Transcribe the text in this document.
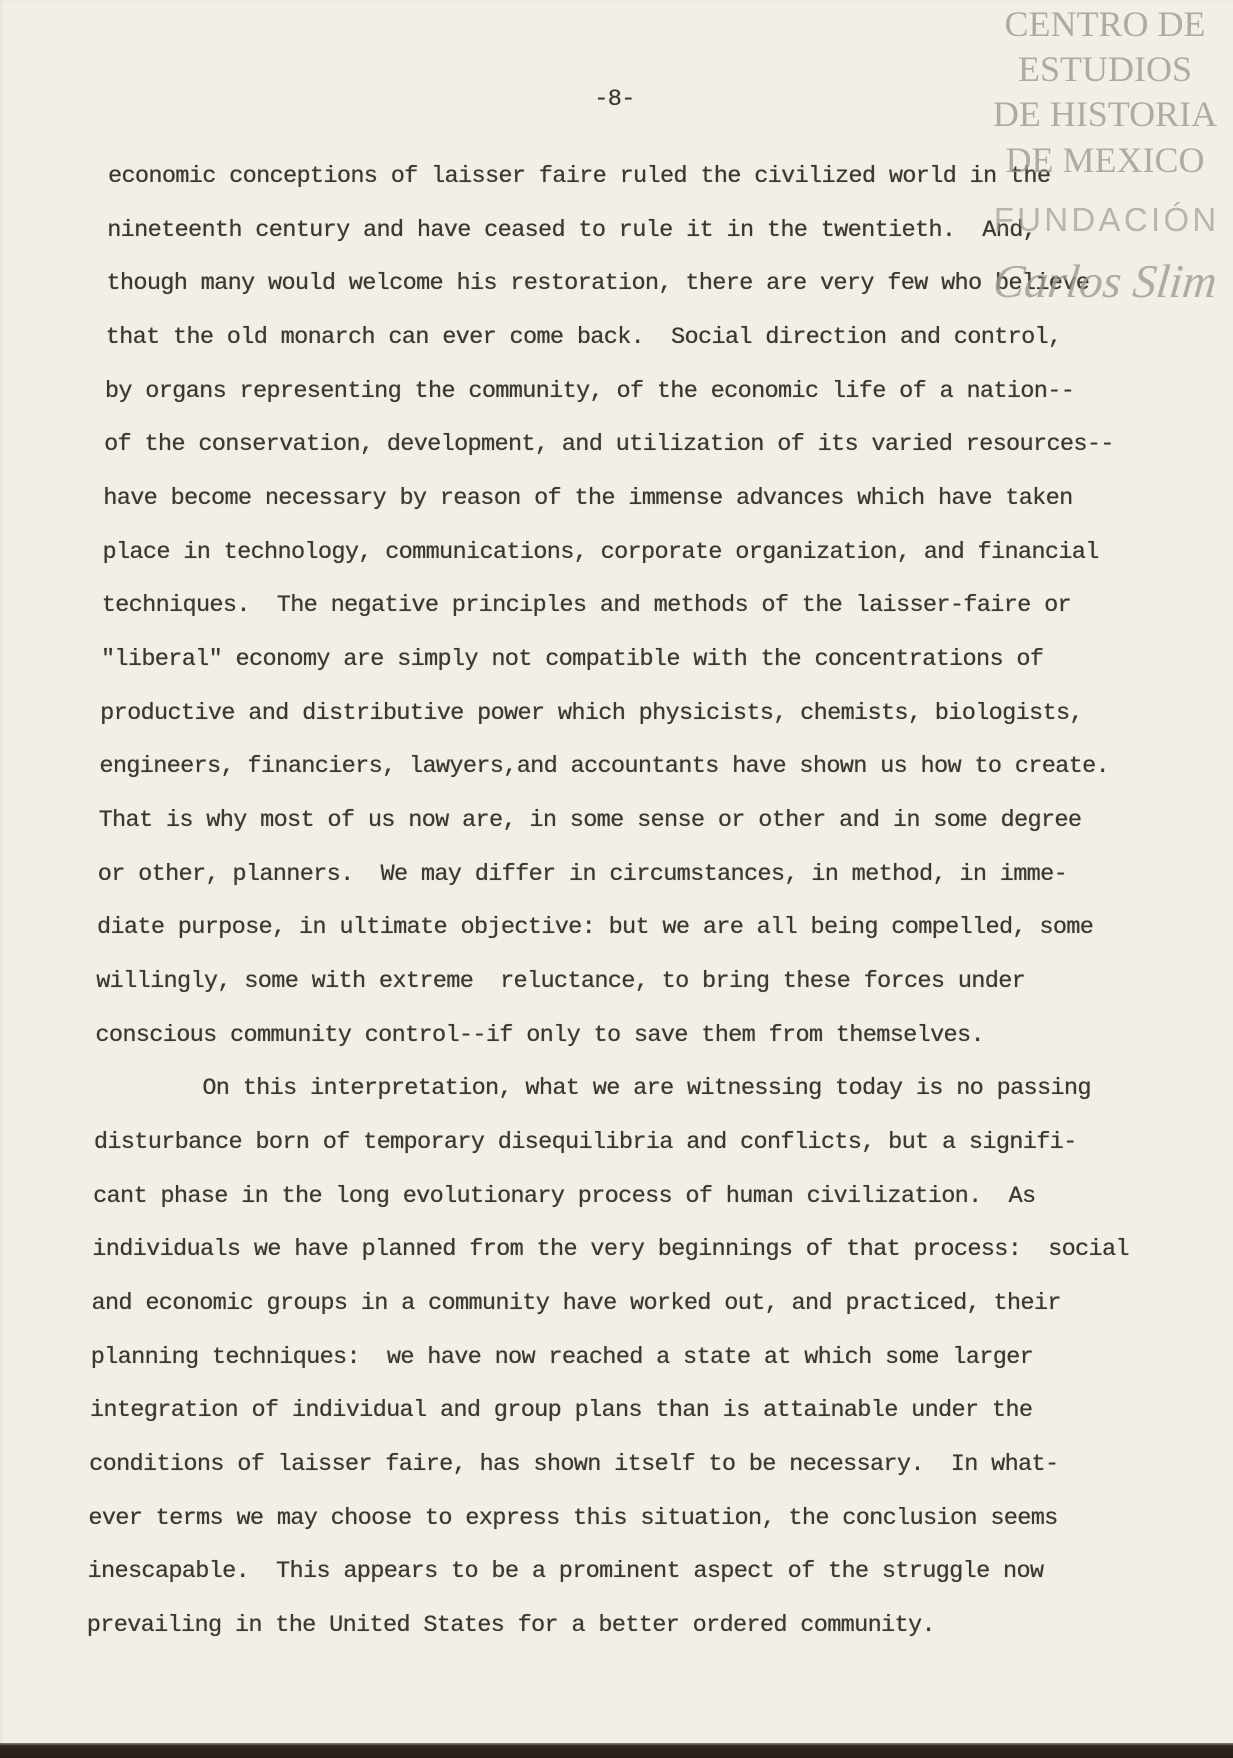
CENTRO DE
ESTUDIOS
DE HISTORIA
DE MEXICO
FUNDACIÓN
Carlos Slim
-8-
economic conceptions of laisser faire ruled the civilized world in the
nineteenth century and have ceased to rule it in the twentieth.  And,
though many would welcome his restoration, there are very few who believe
that the old monarch can ever come back.  Social direction and control,
by organs representing the community, of the economic life of a nation--
of the conservation, development, and utilization of its varied resources--
have become necessary by reason of the immense advances which have taken
place in technology, communications, corporate organization, and financial
techniques.  The negative principles and methods of the laisser-faire or
"liberal" economy are simply not compatible with the concentrations of
productive and distributive power which physicists, chemists, biologists,
engineers, financiers, lawyers,and accountants have shown us how to create.
That is why most of us now are, in some sense or other and in some degree
or other, planners.  We may differ in circumstances, in method, in imme-
diate purpose, in ultimate objective: but we are all being compelled, some
willingly, some with extreme  reluctance, to bring these forces under
conscious community control--if only to save them from themselves.
On this interpretation, what we are witnessing today is no passing
disturbance born of temporary disequilibria and conflicts, but a signifi-
cant phase in the long evolutionary process of human civilization.  As
individuals we have planned from the very beginnings of that process:  social
and economic groups in a community have worked out, and practiced, their
planning techniques:  we have now reached a state at which some larger
integration of individual and group plans than is attainable under the
conditions of laisser faire, has shown itself to be necessary.  In what-
ever terms we may choose to express this situation, the conclusion seems
inescapable.  This appears to be a prominent aspect of the struggle now
prevailing in the United States for a better ordered community.
